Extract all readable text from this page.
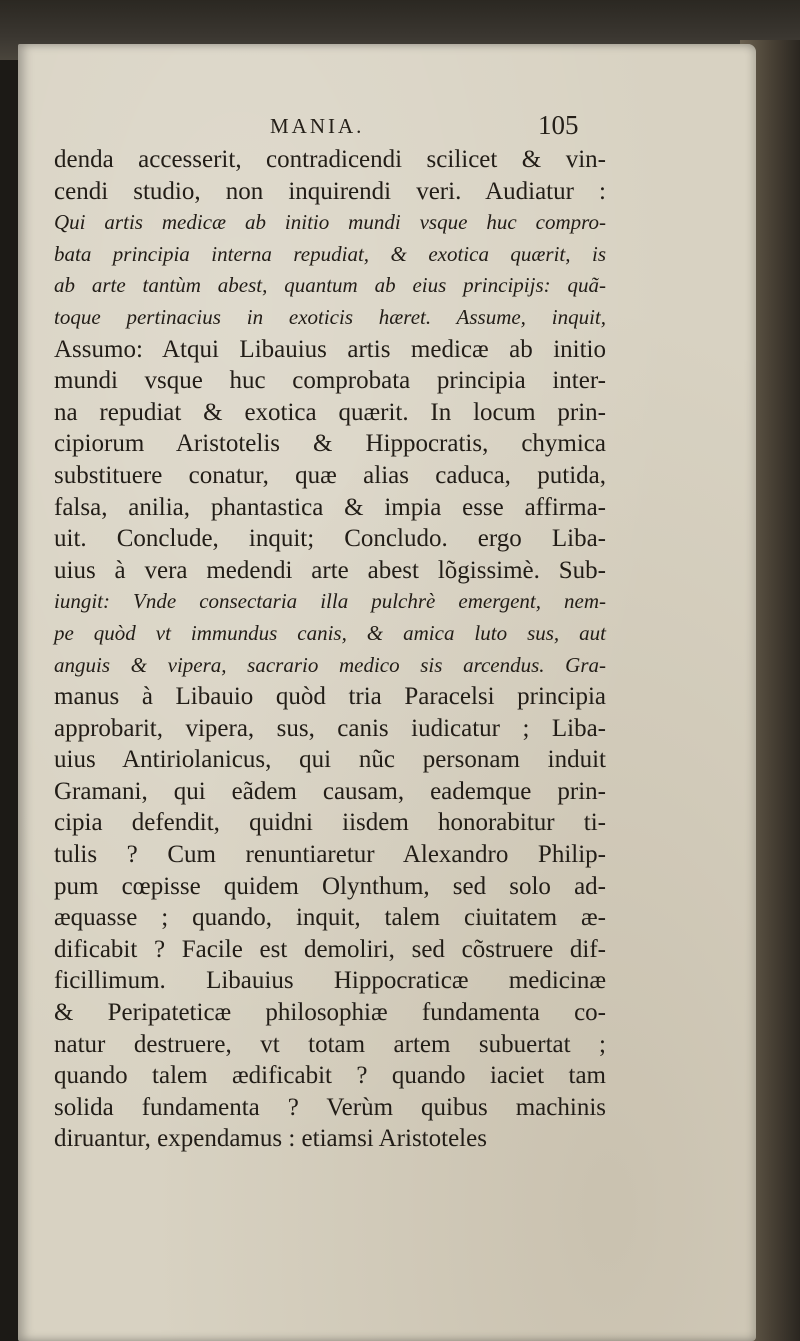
MANIA.	105
denda accesserit, contradicendi scilicet & vin-
cendi studio, non inquirendi veri. Audiatur :
Qui artis medicæ ab initio mundi vsque huc compro-
bata principia interna repudiat, & exotica quærit, is
ab arte tantùm abest, quantum ab eius principijs: quã-
toque pertinacius in exoticis hæret. Assume, inquit,
Assumo: Atqui Libauius artis medicæ ab initio
mundi vsque huc comprobata principia inter-
na repudiat & exotica quærit. In locum prin-
cipiorum Aristotelis & Hippocratis, chymica
substituere conatur, quæ alias caduca, putida,
falsa, anilia, phantastica & impia esse affirma-
uit. Conclude, inquit; Concludo. ergo Liba-
uius à vera medendi arte abest lõgissimè. Sub-
iungit: Vnde consectaria illa pulchrè emergent, nem-
pe quòd vt immundus canis, & amica luto sus, aut
anguis & vipera, sacrario medico sis arcendus. Gra-
manus à Libauio quòd tria Paracelsi principia
approbarit, vipera, sus, canis iudicatur ; Liba-
uius Antiriolanicus, qui nũc personam induit
Gramani, qui eãdem causam, eademque prin-
cipia defendit, quidni iisdem honorabitur ti-
tulis ? Cum renuntiaretur Alexandro Philip-
pum cœpisse quidem Olynthum, sed solo ad-
æquasse ; quando, inquit, talem ciuitatem æ-
dificabit ? Facile est demoliri, sed cõstruere dif-
ficillimum. Libauius Hippocraticæ medicinæ
& Peripateticæ philosophiæ fundamenta co-
natur destruere, vt totam artem subuertat ;
quando talem ædificabit ? quando iaciet tam
solida fundamenta ? Verùm quibus machinis
diruantur, expendamus : etiamsi Aristoteles
